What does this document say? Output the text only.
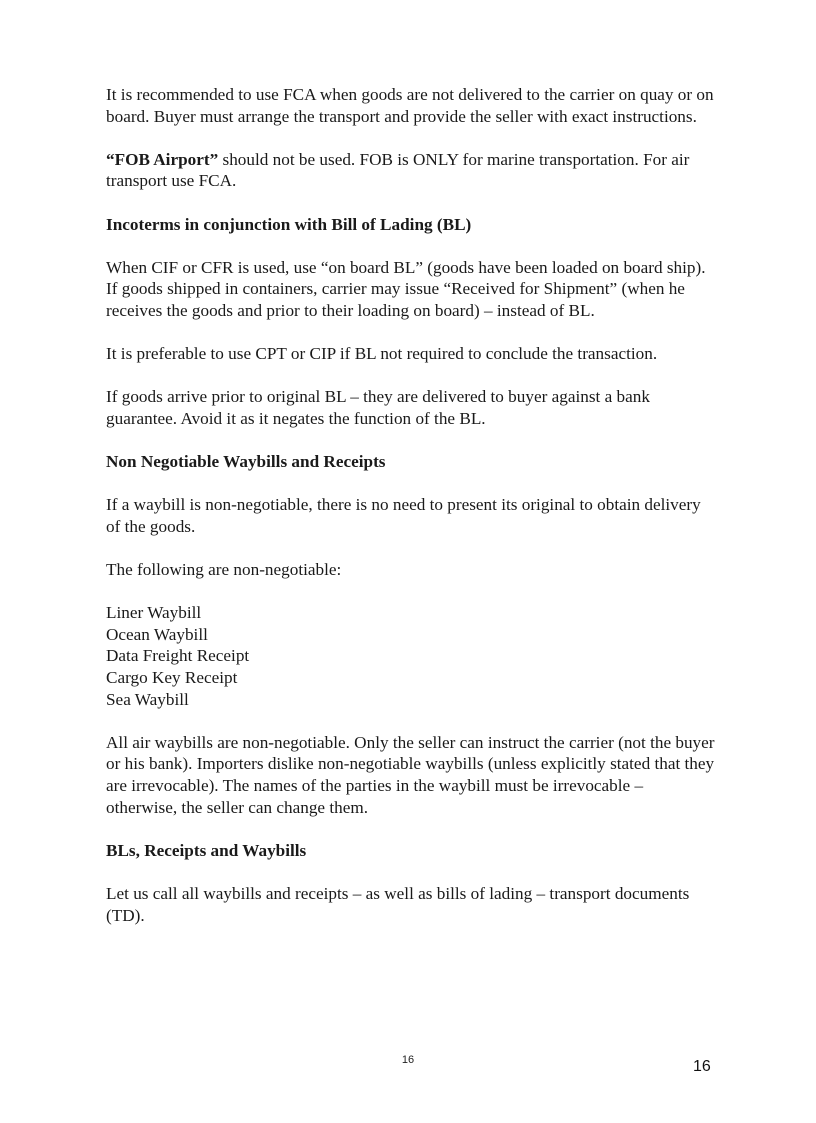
It is recommended to use FCA when goods are not delivered to the carrier on quay or on board. Buyer must arrange the transport and provide the seller with exact instructions.

“FOB Airport” should not be used. FOB is ONLY for marine transportation. For air transport use FCA.

Incoterms in conjunction with Bill of Lading (BL)

When CIF or CFR is used, use “on board BL” (goods have been loaded on board ship).

If goods shipped in containers, carrier may issue “Received for Shipment” (when he receives the goods and prior to their loading on board) – instead of BL.

It is preferable to use CPT or CIP if BL not required to conclude the transaction.

If goods arrive prior to original BL – they are delivered to buyer against a bank guarantee. Avoid it as it negates the function of the BL.

Non Negotiable Waybills and Receipts

If a waybill is non-negotiable, there is no need to present its original to obtain delivery of the goods.

The following are non-negotiable:

Liner Waybill
Ocean Waybill
Data Freight Receipt
Cargo Key Receipt
Sea Waybill

All air waybills are non-negotiable. Only the seller can instruct the carrier (not the buyer or his bank). Importers dislike non-negotiable waybills (unless explicitly stated that they are irrevocable). The names of the parties in the waybill must be irrevocable – otherwise, the seller can change them.

BLs, Receipts and Waybills

Let us call all waybills and receipts – as well as bills of lading – transport documents (TD).

16	16
